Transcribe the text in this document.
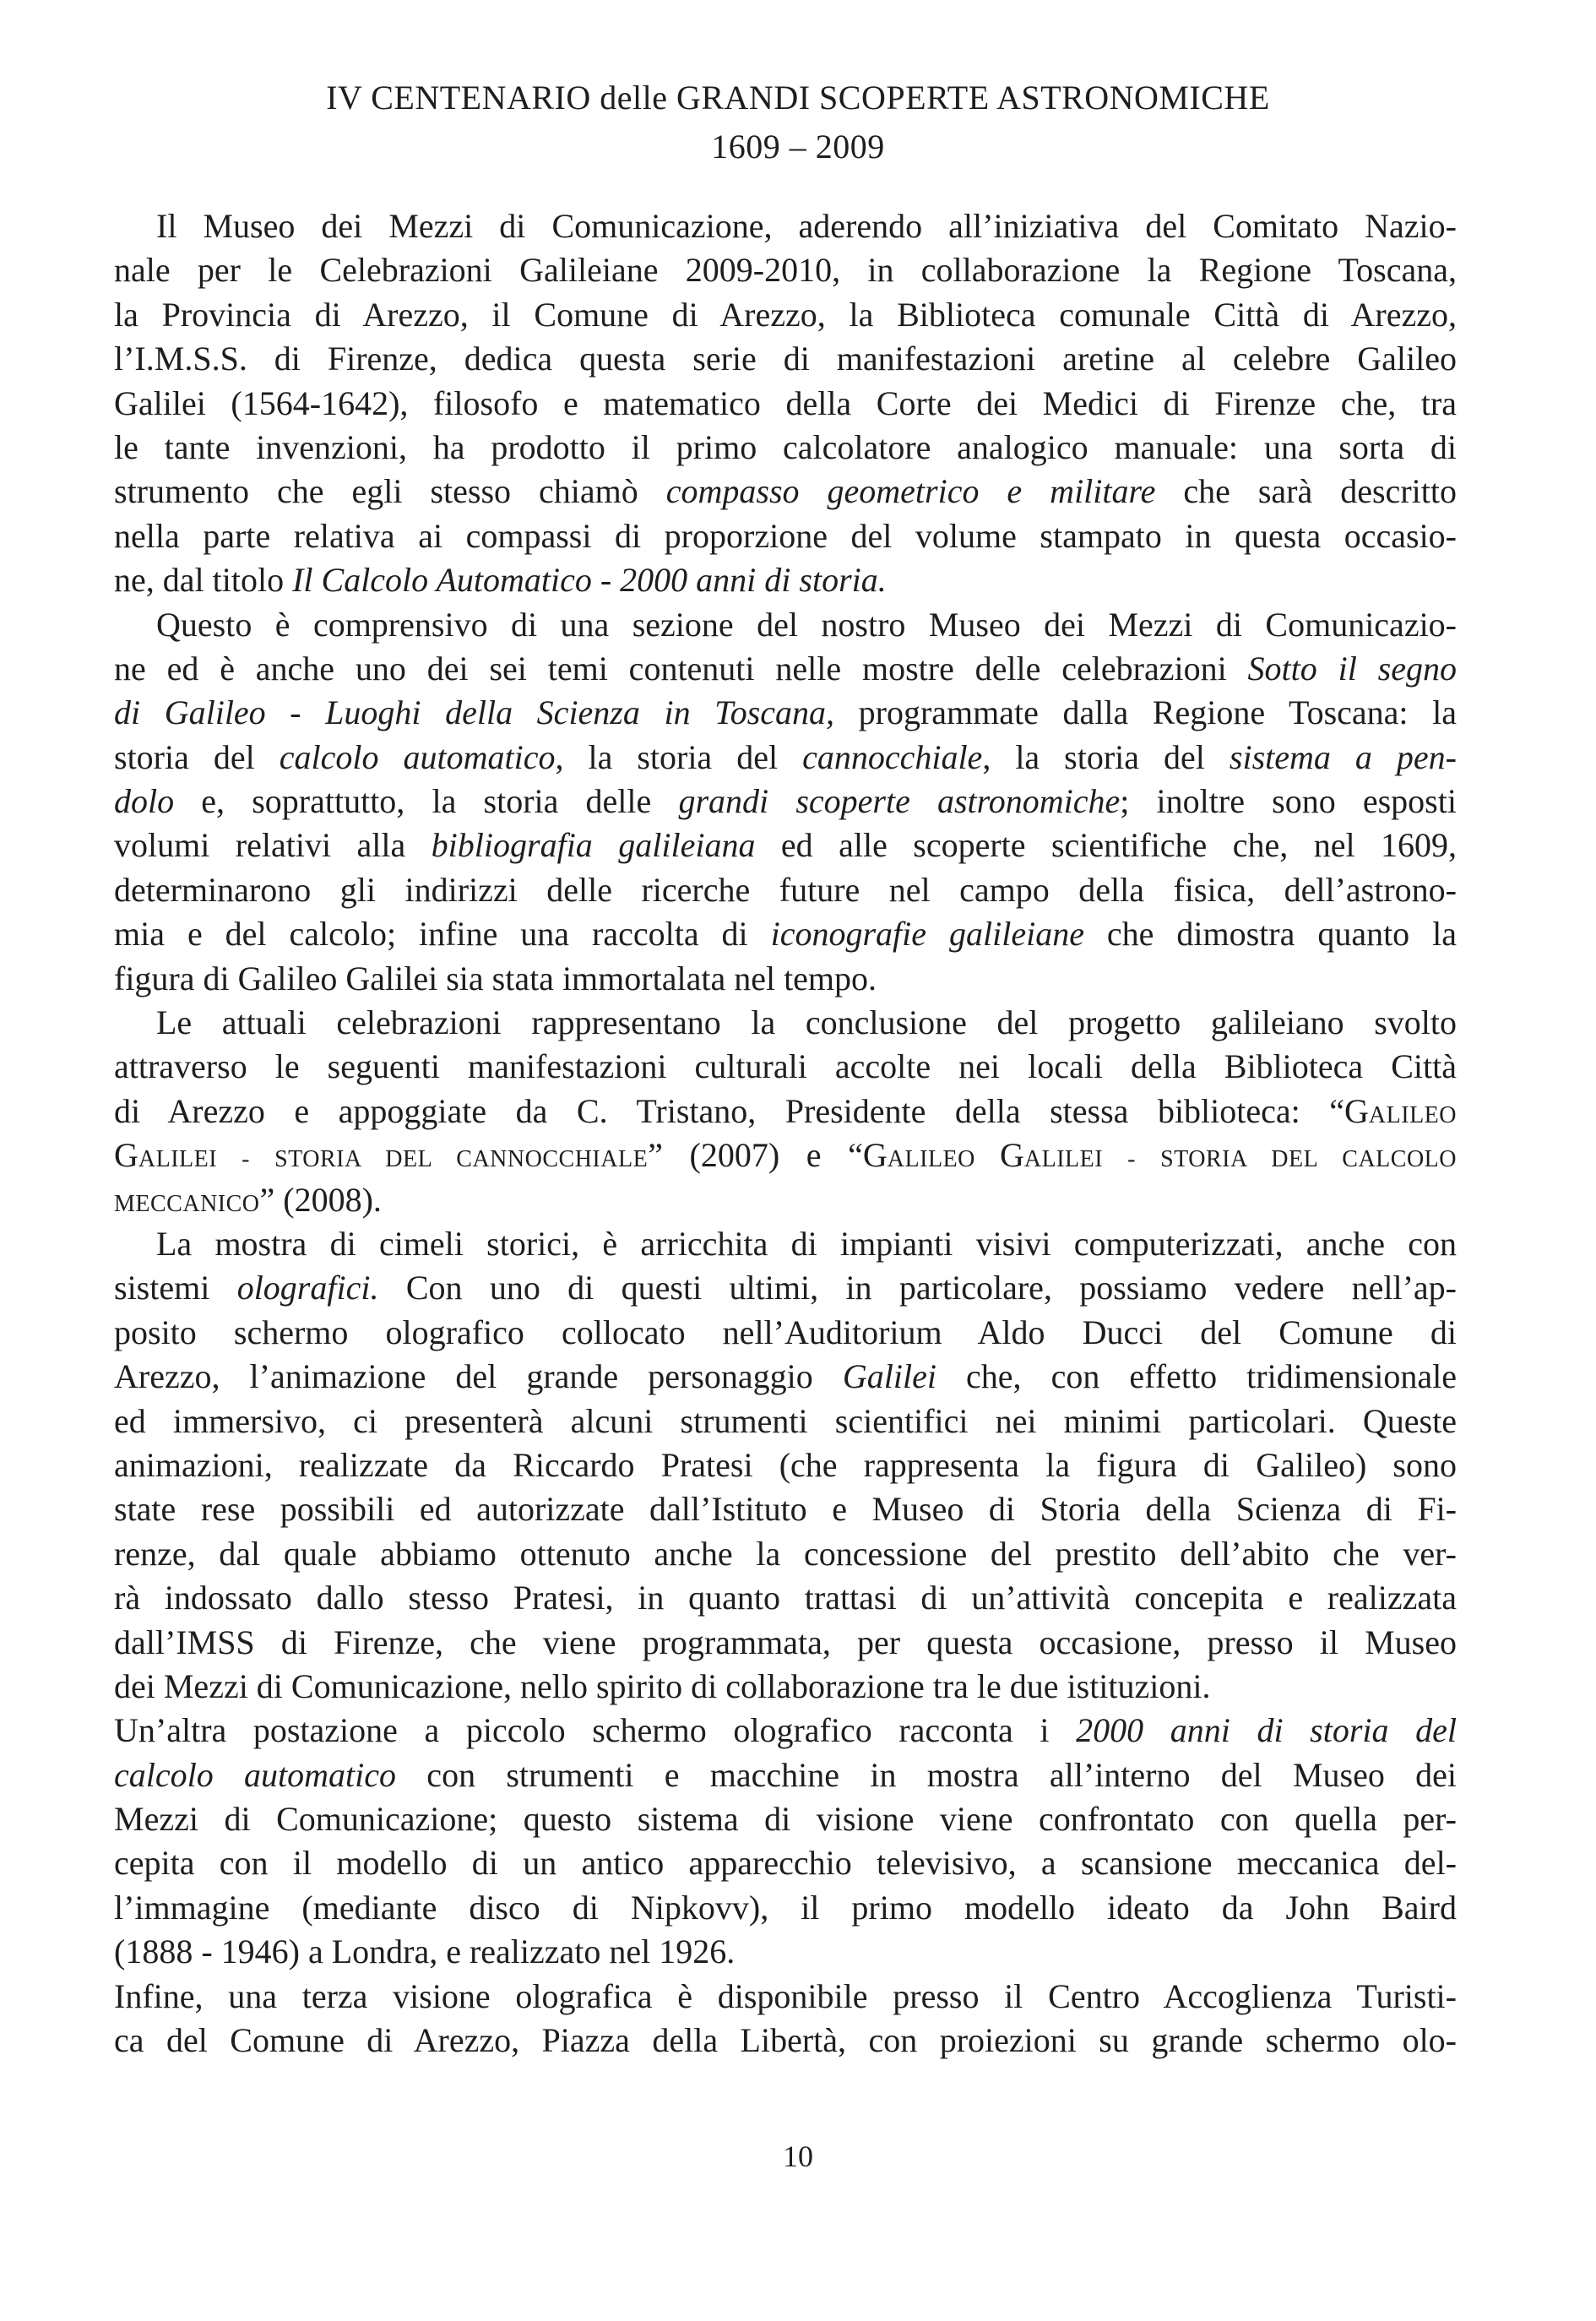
IV CENTENARIO delle GRANDI SCOPERTE ASTRONOMICHE
1609 – 2009
Il Museo dei Mezzi di Comunicazione, aderendo all’iniziativa del Comitato Nazio-
nale per le Celebrazioni Galileiane 2009-2010, in collaborazione la Regione Toscana,
la Provincia di Arezzo, il Comune di Arezzo, la Biblioteca comunale Città di Arezzo,
l’I.M.S.S. di Firenze, dedica questa serie di manifestazioni aretine al celebre Galileo
Galilei (1564-1642), filosofo e matematico della Corte dei Medici di Firenze che, tra
le tante invenzioni, ha prodotto il primo calcolatore analogico manuale: una sorta di
strumento che egli stesso chiamò compasso geometrico e militare che sarà descritto
nella parte relativa ai compassi di proporzione del volume stampato in questa occasio-
ne, dal titolo Il Calcolo Automatico - 2000 anni di storia.
Questo è comprensivo di una sezione del nostro Museo dei Mezzi di Comunicazio-
ne ed è anche uno dei sei temi contenuti nelle mostre delle celebrazioni Sotto il segno
di Galileo - Luoghi della Scienza in Toscana, programmate dalla Regione Toscana: la
storia del calcolo automatico, la storia del cannocchiale, la storia del sistema a pen-
dolo e, soprattutto, la storia delle grandi scoperte astronomiche; inoltre sono esposti
volumi relativi alla bibliografia galileiana ed alle scoperte scientifiche che, nel 1609,
determinarono gli indirizzi delle ricerche future nel campo della fisica, dell’astrono-
mia e del calcolo; infine una raccolta di iconografie galileiane che dimostra quanto la
figura di Galileo Galilei sia stata immortalata nel tempo.
Le attuali celebrazioni rappresentano la conclusione del progetto galileiano svolto
attraverso le seguenti manifestazioni culturali accolte nei locali della Biblioteca Città
di Arezzo e appoggiate da C. Tristano, Presidente della stessa biblioteca: “GALILEO
GALILEI - STORIA DEL CANNOCCHIALE” (2007) e “GALILEO GALILEI - STORIA DEL CALCOLO
MECCANICO” (2008).
La mostra di cimeli storici, è arricchita di impianti visivi computerizzati, anche con
sistemi olografici. Con uno di questi ultimi, in particolare, possiamo vedere nell’ap-
posito schermo olografico collocato nell’Auditorium Aldo Ducci del Comune di
Arezzo, l’animazione del grande personaggio Galilei che, con effetto tridimensionale
ed immersivo, ci presenterà alcuni strumenti scientifici nei minimi particolari. Queste
animazioni, realizzate da Riccardo Pratesi (che rappresenta la figura di Galileo) sono
state rese possibili ed autorizzate dall’Istituto e Museo di Storia della Scienza di Fi-
renze, dal quale abbiamo ottenuto anche la concessione del prestito dell’abito che ver-
rà indossato dallo stesso Pratesi, in quanto trattasi di un’attività concepita e realizzata
dall’IMSS di Firenze, che viene programmata, per questa occasione, presso il Museo
dei Mezzi di Comunicazione, nello spirito di collaborazione tra le due istituzioni.
Un’altra postazione a piccolo schermo olografico racconta i 2000 anni di storia del
calcolo automatico con strumenti e macchine in mostra all’interno del Museo dei
Mezzi di Comunicazione; questo sistema di visione viene confrontato con quella per-
cepita con il modello di un antico apparecchio televisivo, a scansione meccanica del-
l’immagine (mediante disco di Nipkovv), il primo modello ideato da John Baird
(1888 - 1946) a Londra, e realizzato nel 1926.
Infine, una terza visione olografica è disponibile presso il Centro Accoglienza Turisti-
ca del Comune di Arezzo, Piazza della Libertà, con proiezioni su grande schermo olo-
10
